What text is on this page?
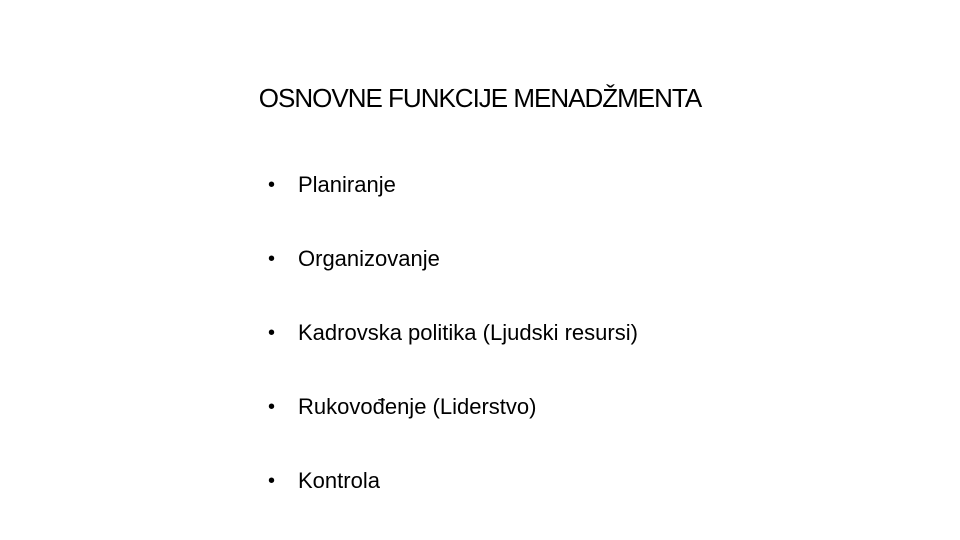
OSNOVNE FUNKCIJE MENADŽMENTA
•	Planiranje
•	Organizovanje
•	Kadrovska politika (Ljudski resursi)
•	Rukovođenje (Liderstvo)
•	Kontrola
